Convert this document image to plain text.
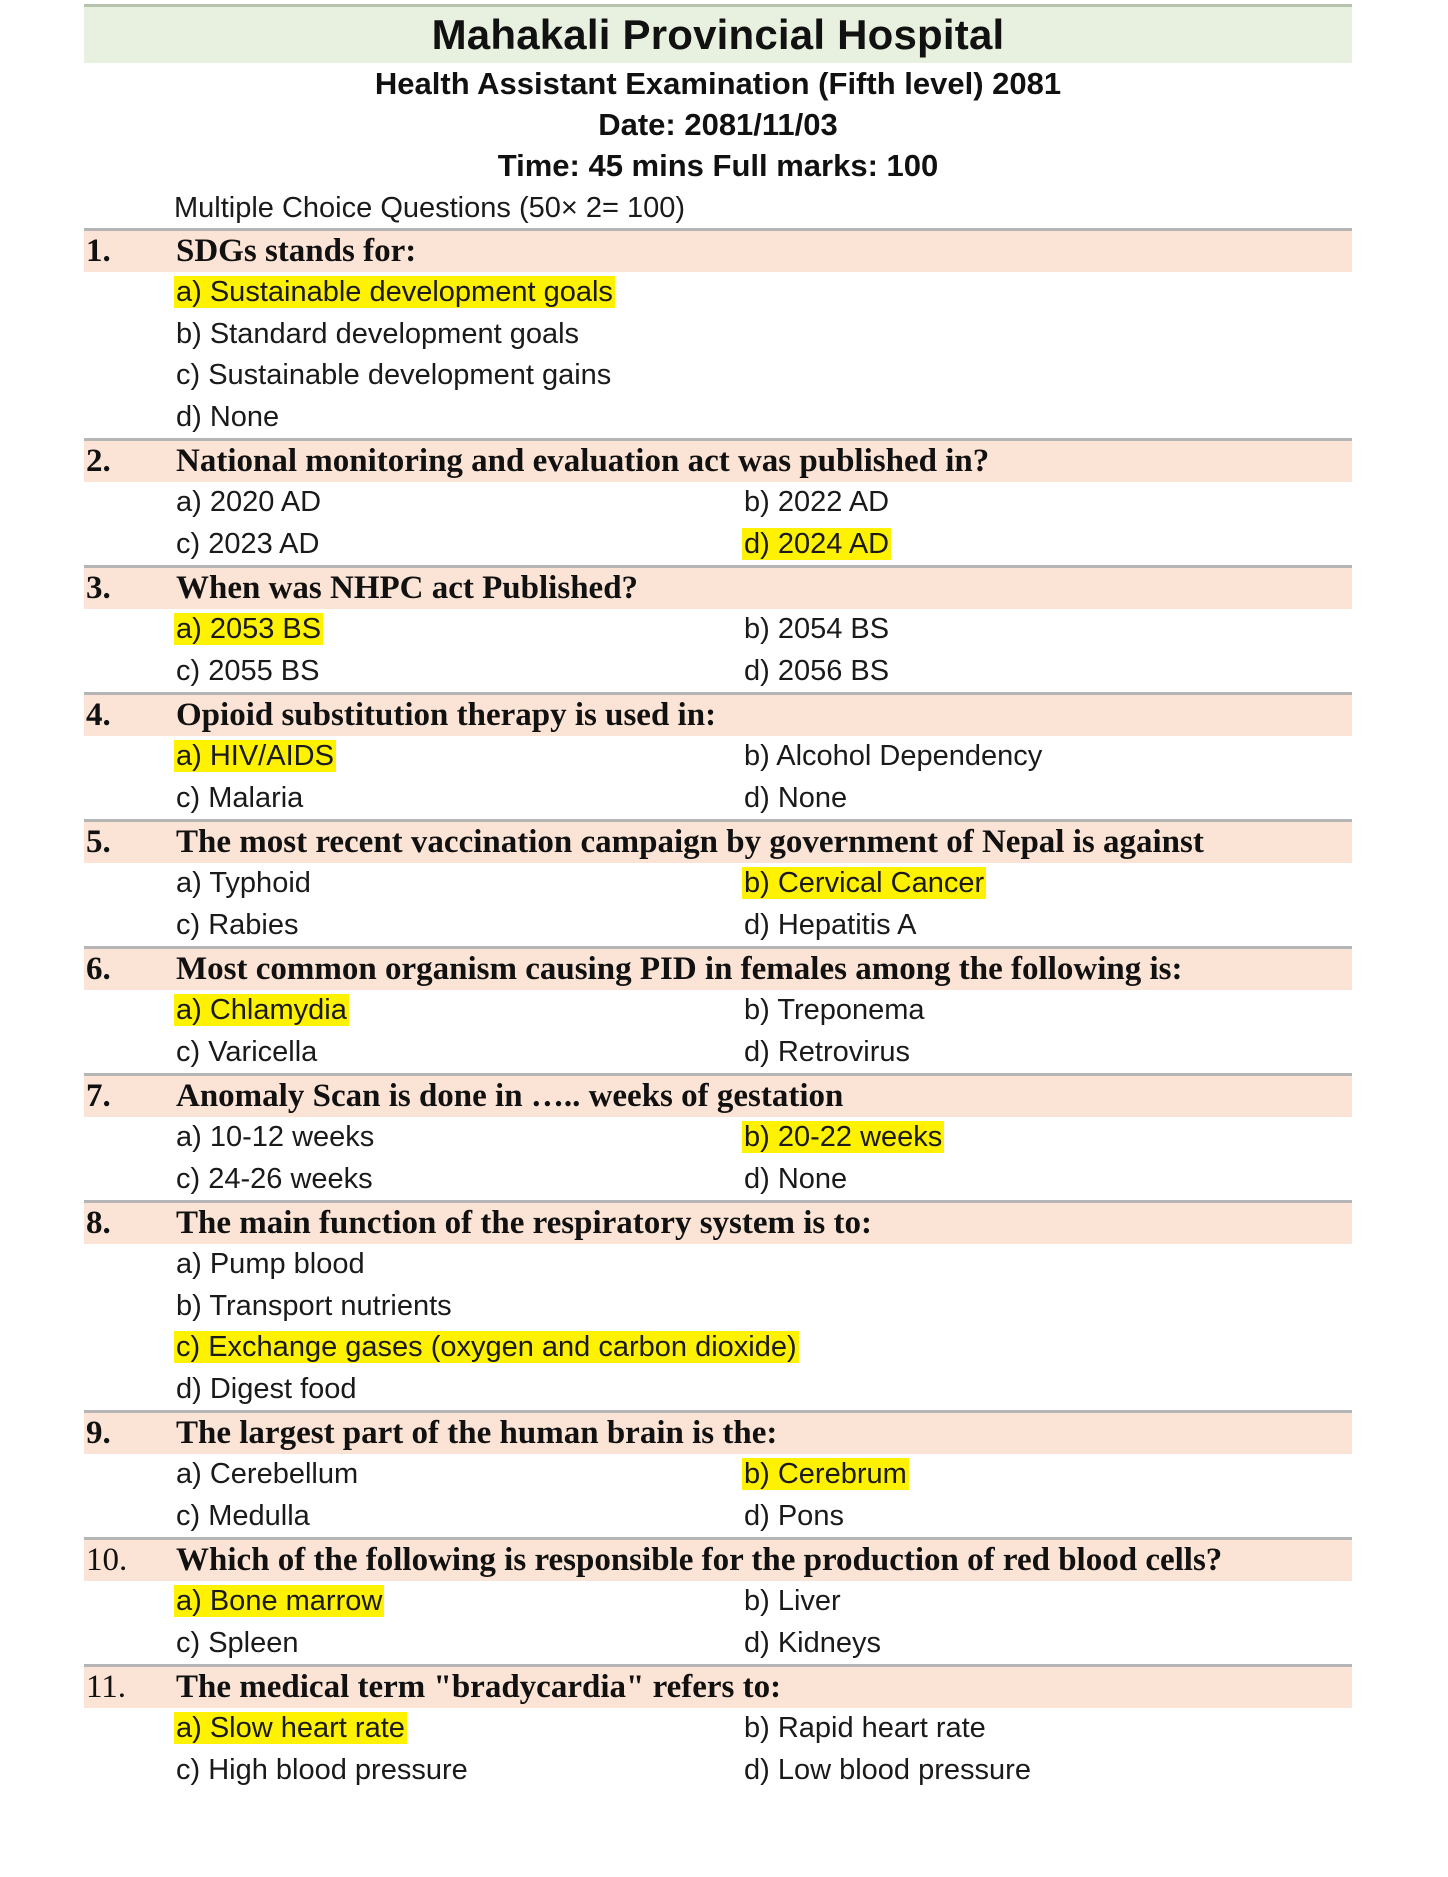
Mahakali Provincial Hospital
Health Assistant Examination (Fifth level) 2081
Date: 2081/11/03
Time: 45 mins Full marks: 100
Multiple Choice Questions (50× 2= 100)
1.	SDGs stands for:
a) Sustainable development goals
b) Standard development goals
c) Sustainable development gains
d) None
2.	National monitoring and evaluation act was published in?
a) 2020 AD	b) 2022 AD
c) 2023 AD	d) 2024 AD
3.	When was NHPC act Published?
a) 2053 BS	b) 2054 BS
c) 2055 BS	d) 2056 BS
4.	Opioid substitution therapy is used in:
a) HIV/AIDS	b) Alcohol Dependency
c) Malaria	d) None
5.	The most recent vaccination campaign by government of Nepal is against
a) Typhoid	b) Cervical Cancer
c) Rabies	d) Hepatitis A
6.	Most common organism causing PID in females among the following is:
a) Chlamydia	b) Treponema
c) Varicella	d) Retrovirus
7.	Anomaly Scan is done in ….. weeks of gestation
a) 10-12 weeks	b) 20-22 weeks
c) 24-26 weeks	d) None
8.	The main function of the respiratory system is to:
a) Pump blood
b) Transport nutrients
c) Exchange gases (oxygen and carbon dioxide)
d) Digest food
9.	The largest part of the human brain is the:
a) Cerebellum	b) Cerebrum
c) Medulla	d) Pons
10.	Which of the following is responsible for the production of red blood cells?
a) Bone marrow	b) Liver
c) Spleen	d) Kidneys
11.	The medical term "bradycardia" refers to:
a) Slow heart rate	b) Rapid heart rate
c) High blood pressure	d) Low blood pressure
